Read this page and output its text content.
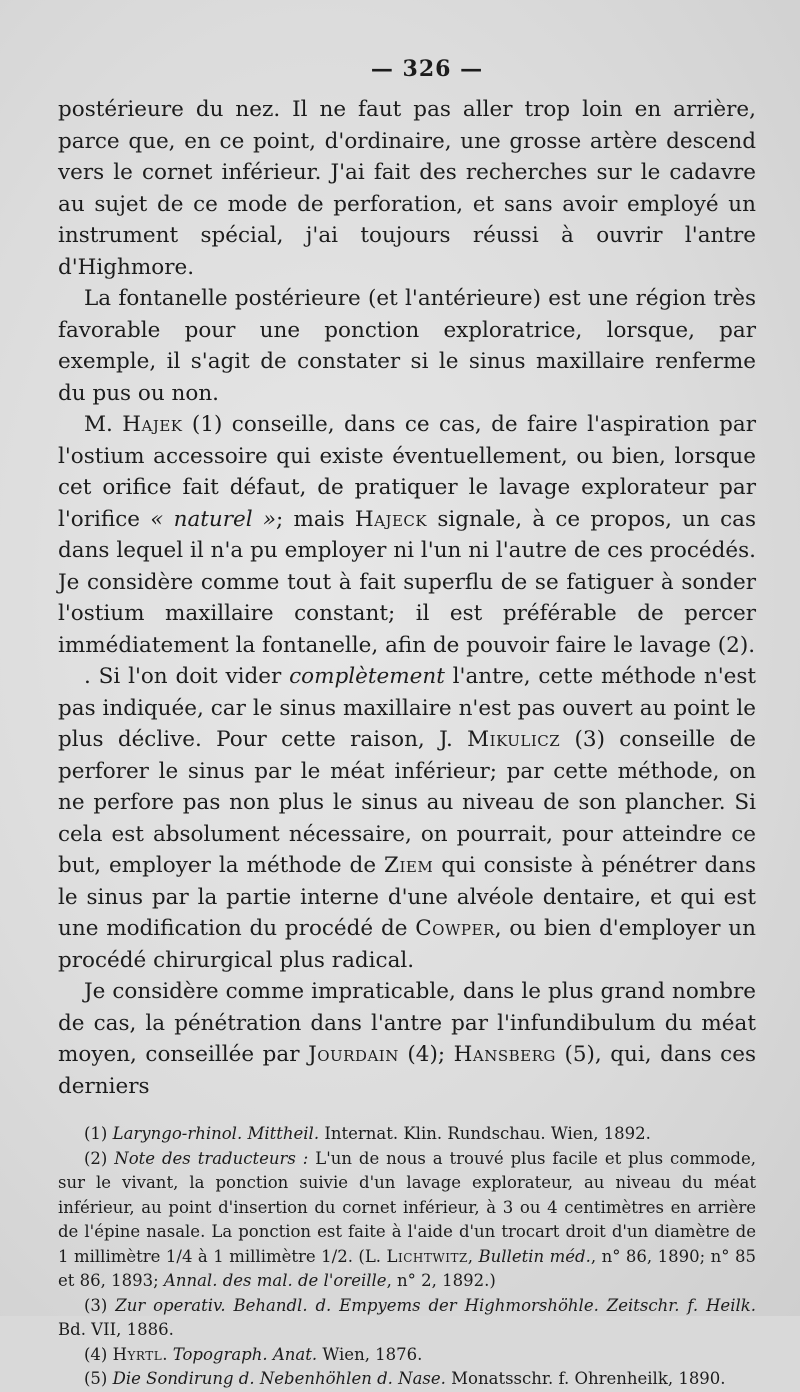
— 326 —

postérieure du nez. Il ne faut pas aller trop loin en arrière, parce que, en ce point, d'ordinaire, une grosse artère descend vers le cornet inférieur. J'ai fait des recherches sur le cadavre au sujet de ce mode de perforation, et sans avoir employé un instrument spécial, j'ai toujours réussi à ouvrir l'antre d'Highmore.

La fontanelle postérieure (et l'antérieure) est une région très favorable pour une ponction exploratrice, lorsque, par exemple, il s'agit de constater si le sinus maxillaire renferme du pus ou non.

M. Hajek (1) conseille, dans ce cas, de faire l'aspiration par l'ostium accessoire qui existe éventuellement, ou bien, lorsque cet orifice fait défaut, de pratiquer le lavage explorateur par l'orifice « naturel »; mais Hajeck signale, à ce propos, un cas dans lequel il n'a pu employer ni l'un ni l'autre de ces procédés. Je considère comme tout à fait superflu de se fatiguer à sonder l'ostium maxillaire constant; il est préférable de percer immédiatement la fontanelle, afin de pouvoir faire le lavage (2).

. Si l'on doit vider complètement l'antre, cette méthode n'est pas indiquée, car le sinus maxillaire n'est pas ouvert au point le plus déclive. Pour cette raison, J. Mikulicz (3) conseille de perforer le sinus par le méat inférieur; par cette méthode, on ne perfore pas non plus le sinus au niveau de son plancher. Si cela est absolument nécessaire, on pourrait, pour atteindre ce but, employer la méthode de Ziem qui consiste à pénétrer dans le sinus par la partie interne d'une alvéole dentaire, et qui est une modification du procédé de Cowper, ou bien d'employer un procédé chirurgical plus radical.

Je considère comme impraticable, dans le plus grand nombre de cas, la pénétration dans l'antre par l'infundibulum du méat moyen, conseillée par Jourdain (4); Hansberg (5), qui, dans ces derniers

(1) Laryngo-rhinol. Mittheil. Internat. Klin. Rundschau. Wien, 1892.

(2) Note des traducteurs : L'un de nous a trouvé plus facile et plus commode, sur le vivant, la ponction suivie d'un lavage explorateur, au niveau du méat inférieur, au point d'insertion du cornet inférieur, à 3 ou 4 centimètres en arrière de l'épine nasale. La ponction est faite à l'aide d'un trocart droit d'un diamètre de 1 millimètre 1/4 à 1 millimètre 1/2. (L. Lichtwitz, Bulletin méd., n° 86, 1890; n° 85 et 86, 1893; Annal. des mal. de l'oreille, n° 2, 1892.)

(3) Zur operativ. Behandl. d. Empyems der Highmorshöhle. Zeitschr. f. Heilk. Bd. VII, 1886.

(4) Hyrtl. Topograph. Anat. Wien, 1876.

(5) Die Sondirung d. Nebenhöhlen d. Nase. Monatsschr. f. Ohrenheilk, 1890.
